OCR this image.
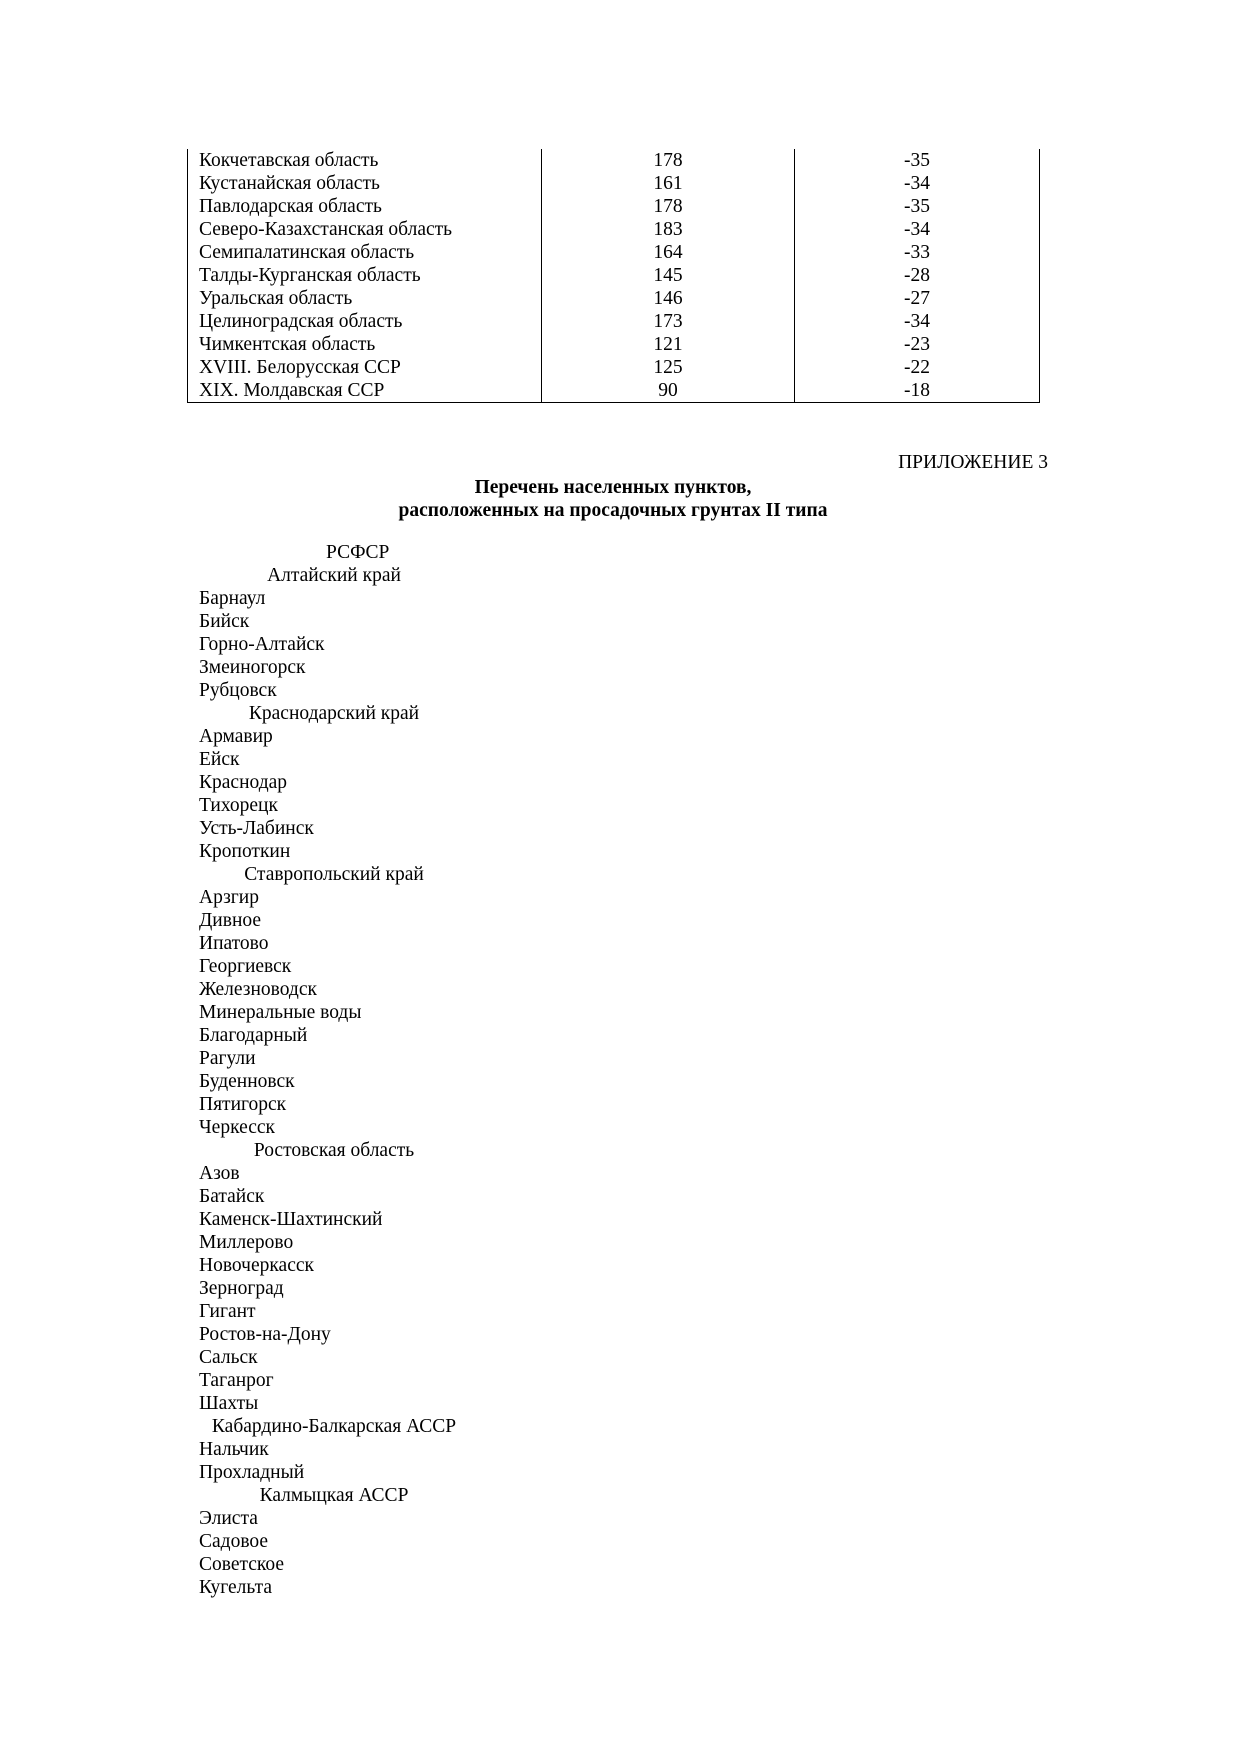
Кокчетавская область	178	-35
Кустанайская область	161	-34
Павлодарская область	178	-35
Северо-Казахстанская область	183	-34
Семипалатинская область	164	-33
Талды-Курганская область	145	-28
Уральская область	146	-27
Целиноградская область	173	-34
Чимкентская область	121	-23
XVIII. Белорусская ССР	125	-22
XIX. Молдавская ССР	90	-18
ПРИЛОЖЕНИЕ 3
Перечень населенных пунктов,
расположенных на просадочных грунтах II типа
РСФСР
Алтайский край
Барнаул
Бийск
Горно-Алтайск
Змеиногорск
Рубцовск
Краснодарский край
Армавир
Ейск
Краснодар
Тихорецк
Усть-Лабинск
Кропоткин
Ставропольский край
Арзгир
Дивное
Ипатово
Георгиевск
Железноводск
Минеральные воды
Благодарный
Рагули
Буденновск
Пятигорск
Черкесск
Ростовская область
Азов
Батайск
Каменск-Шахтинский
Миллерово
Новочеркасск
Зерноград
Гигант
Ростов-на-Дону
Сальск
Таганрог
Шахты
Кабардино-Балкарская АССР
Нальчик
Прохладный
Калмыцкая АССР
Элиста
Садовое
Советское
Кугельта
